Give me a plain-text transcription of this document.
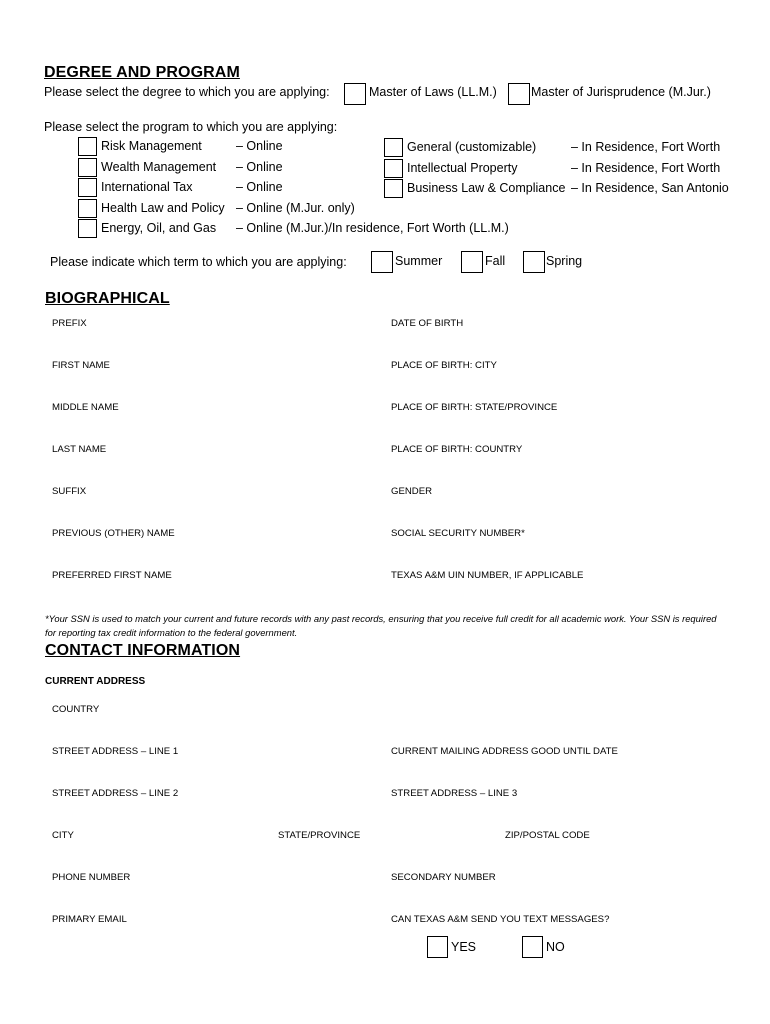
DEGREE AND PROGRAM
Please select the degree to which you are applying:	Master of Laws (LL.M.)	Master of Jurisprudence (M.Jur.)
Please select the program to which you are applying:
Risk Management	– Online
Wealth Management – Online
International Tax	– Online
Health Law and Policy – Online (M.Jur. only)
Energy, Oil, and Gas – Online (M.Jur.)/In residence, Fort Worth (LL.M.)
General (customizable)	– In Residence, Fort Worth
Intellectual Property	– In Residence, Fort Worth
Business Law & Compliance – In Residence, San Antonio
Please indicate which term to which you are applying:	Summer	Fall	Spring
BIOGRAPHICAL
PREFIX
FIRST NAME
MIDDLE NAME
LAST NAME
SUFFIX
PREVIOUS (OTHER) NAME
PREFERRED FIRST NAME
DATE OF BIRTH
PLACE OF BIRTH: CITY
PLACE OF BIRTH: STATE/PROVINCE
PLACE OF BIRTH: COUNTRY
GENDER
SOCIAL SECURITY NUMBER*
TEXAS A&M UIN NUMBER, IF APPLICABLE
*Your SSN is used to match your current and future records with any past records, ensuring that you receive full credit for all academic work. Your SSN is required for reporting tax credit information to the federal government.
CONTACT INFORMATION
CURRENT ADDRESS
COUNTRY
STREET ADDRESS – LINE 1	CURRENT MAILING ADDRESS GOOD UNTIL DATE
STREET ADDRESS – LINE 2	STREET ADDRESS – LINE 3
CITY	STATE/PROVINCE	ZIP/POSTAL CODE
PHONE NUMBER	SECONDARY NUMBER
PRIMARY EMAIL	CAN TEXAS A&M SEND YOU TEXT MESSAGES?
YES	NO
